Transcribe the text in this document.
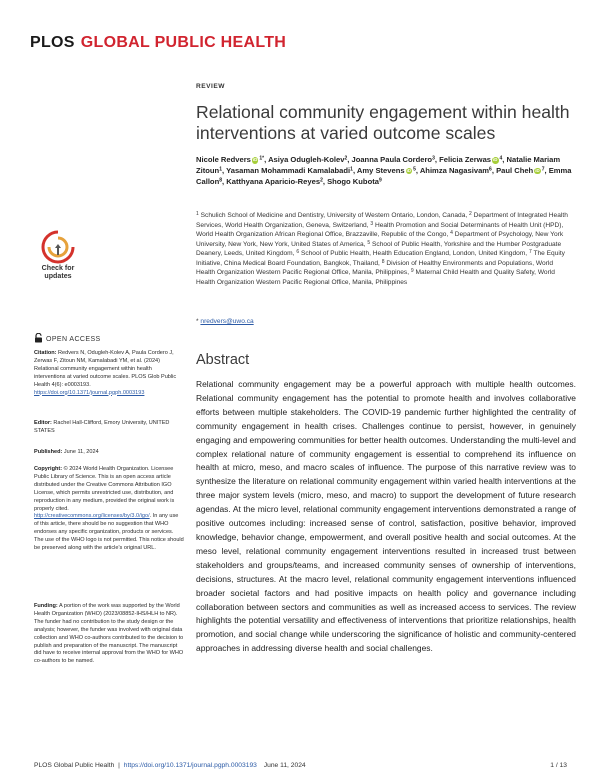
PLOS GLOBAL PUBLIC HEALTH
REVIEW
Relational community engagement within health interventions at varied outcome scales
Nicole Redvers iD $^{1*}$, Asiya Odugleh-Kolev$^2$, Joanna Paula Cordero$^3$, Felicia Zerwas iD $^4$, Natalie Mariam Zitoun$^1$, Yasaman Mohammadi Kamalabadi$^1$, Amy Stevens iD $^5$, Ahimza Nagasivam$^6$, Paul Cheh iD $^7$, Emma Callon$^8$, Katthyana Aparicio-Reyes$^2$, Shogo Kubota$^9$
$^1$ Schulich School of Medicine and Dentistry, University of Western Ontario, London, Canada, $^2$ Department of Integrated Health Services, World Health Organization, Geneva, Switzerland, $^3$ Health Promotion and Social Determinants of Health Unit (HPD), World Health Organization African Regional Office, Brazzaville, Republic of the Congo, $^4$ Department of Psychology, New York University, New York, New York, United States of America, $^5$ School of Public Health, Yorkshire and the Humber Postgraduate Deanery, Leeds, United Kingdom, $^6$ School of Public Health, Health Education England, London, United Kingdom, $^7$ The Equity Initiative, China Medical Board Foundation, Bangkok, Thailand, $^8$ Division of Healthy Environments and Populations, World Health Organization Western Pacific Regional Office, Manila, Philippines, $^9$ Maternal Child Health and Quality Safety, World Health Organization Western Pacific Regional Office, Manila, Philippines
* nredvers@uwo.ca
Abstract

Relational community engagement may be a powerful approach with multiple health outcomes. Relational community engagement has the potential to promote health and involves collaborative efforts between multiple stakeholders. The COVID-19 pandemic further highlighted the centrality of community engagement in health crises. Challenges continue to persist, however, in genuinely engaging and empowering communities for better health outcomes. Understanding the multi-level and complex relational nature of community engagement is essential to comprehend its influence on health at micro, meso, and macro scales of influence. The purpose of this narrative review was to synthesize the literature on relational community engagement within varied health interventions at the three major system levels (micro, meso, and macro) to support the development of future research agendas. At the micro level, relational community engagement interventions demonstrated a range of positive outcomes including: increased sense of control, satisfaction, positive behavior, improved knowledge, behavior change, empowerment, and overall positive health and social outcomes. At the meso level, relational community engagement interventions resulted in increased trust between stakeholders and groups/teams, and increased community senses of ownership of interventions, decisions, structures. At the macro level, relational community engagement interventions influenced broader societal factors and had positive impacts on health policy and governance including collaboration between sectors and communities as well as increased access to services. The review highlights the potential versatility and effectiveness of interventions that prioritize relationships, health promotion, and social change while underscoring the significance of holistic and community-centered approaches in addressing diverse health and social challenges.

Check for
updates
OPEN ACCESS

Citation: Redvers N, Odugleh-Kolev A, Paula Cordero J, Zerwas F, Zitoun NM, Kamalabadi YM, et al. (2024) Relational community engagement within health interventions at varied outcome scales. PLOS Glob Public Health 4(6): e0003193. https://doi.org/10.1371/journal.pgph.0003193

Editor: Rachel Hall-Clifford, Emory University, UNITED STATES

Published: June 11, 2024

Copyright: © 2024 World Health Organization. Licensee Public Library of Science. This is an open access article distributed under the Creative Commons Attribution IGO License, which permits unrestricted use, distribution, and reproduction in any medium, provided the original work is properly cited. http://creativecommons.org/licenses/by/3.0/igo/. In any use of this article, there should be no suggestion that WHO endorses any specific organization, products or services. The use of the WHO logo is not permitted. This notice should be preserved along with the article's original URL.

Funding: A portion of the work was supported by the World Health Organization (WHO) (2023/08852-IHS/HLH to NR). The funder had no contribution to the study design or the analysis; however, the funder was involved with original data collection and WHO co-authors contributed to the decision to publish and preparation of the manuscript. The manuscript did have to receive internal approval from the WHO for WHO co-authors to be named.

PLOS Global Public Health | https://doi.org/10.1371/journal.pgph.0003193 June 11, 2024	1 / 13
